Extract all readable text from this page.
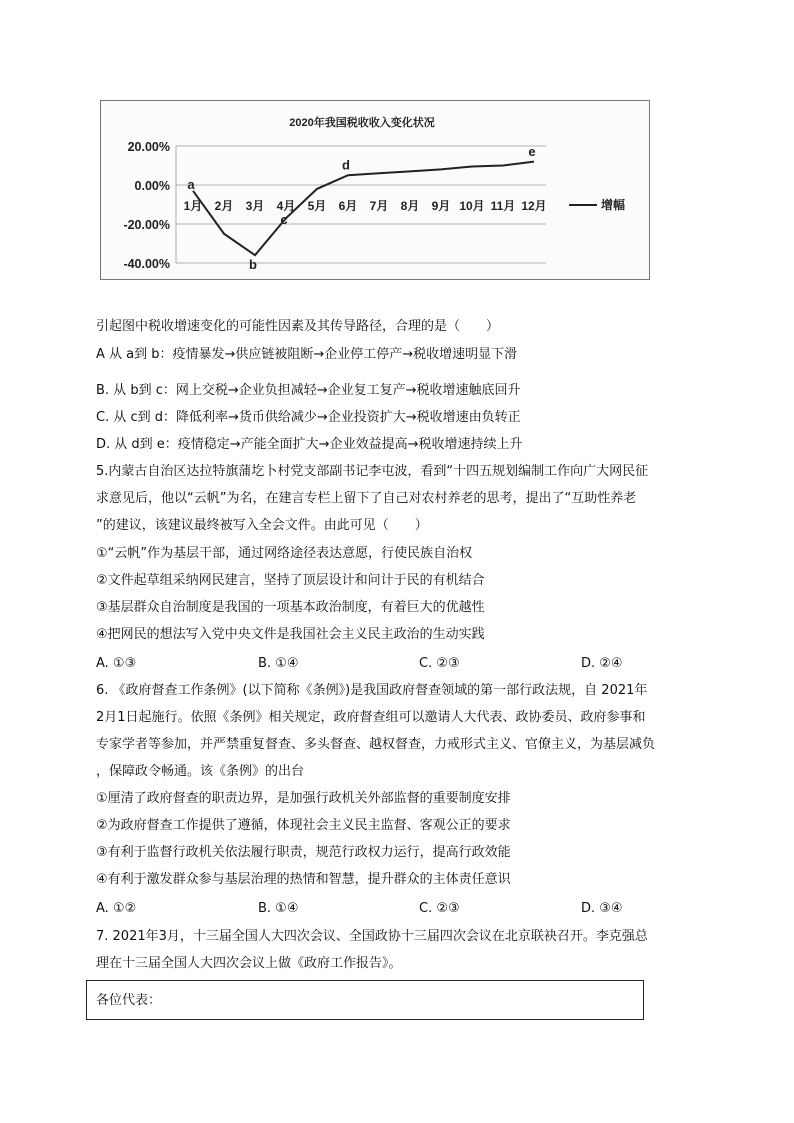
2020年我国税收收入变化状况
20.00%
0.00%
-20.00%
-40.00%
1月 2月 3月 4月 5月 6月 7月 8月 9月 10月 11月 12月
a
b
c
d
e
增幅
引起图中税收增速变化的可能性因素及其传导路径，合理的是（　　）
A 从 a到 b：疫情暴发→供应链被阻断→企业停工停产→税收增速明显下滑
B. 从 b到 c：网上交税→企业负担减轻→企业复工复产→税收增速触底回升
C. 从 c到 d：降低利率→货币供给减少→企业投资扩大→税收增速由负转正
D. 从 d到 e：疫情稳定→产能全面扩大→企业效益提高→税收增速持续上升
5.内蒙古自治区达拉特旗蒲圪卜村党支部副书记李屯波，看到“十四五规划编制工作向广大网民征
求意见后，他以“云帆”为名，在建言专栏上留下了自己对农村养老的思考，提出了“互助性养老
”的建议，该建议最终被写入全会文件。由此可见（　　）
①“云帆”作为基层干部，通过网络途径表达意愿，行使民族自治权
②文件起草组采纳网民建言，坚持了顶层设计和问计于民的有机结合
③基层群众自治制度是我国的一项基本政治制度，有着巨大的优越性
④把网民的想法写入党中央文件是我国社会主义民主政治的生动实践
A. ①③	B. ①④	C. ②③	D. ②④
6. 《政府督查工作条例》(以下简称《条例》)是我国政府督查领域的第一部行政法规，自 2021年
2月1日起施行。依照《条例》相关规定，政府督查组可以邀请人大代表、政协委员、政府参事和
专家学者等参加，并严禁重复督查、多头督查、越权督查，力戒形式主义、官僚主义，为基层减负
，保障政令畅通。该《条例》的出台
①厘清了政府督查的职责边界，是加强行政机关外部监督的重要制度安排
②为政府督查工作提供了遵循，体现社会主义民主监督、客观公正的要求
③有利于监督行政机关依法履行职责，规范行政权力运行，提高行政效能
④有利于激发群众参与基层治理的热情和智慧，提升群众的主体责任意识
A. ①②	B. ①④	C. ②③	D. ③④
7. 2021年3月，十三届全国人大四次会议、全国政协十三届四次会议在北京联袂召开。李克强总
理在十三届全国人大四次会议上做《政府工作报告》。
各位代表：
